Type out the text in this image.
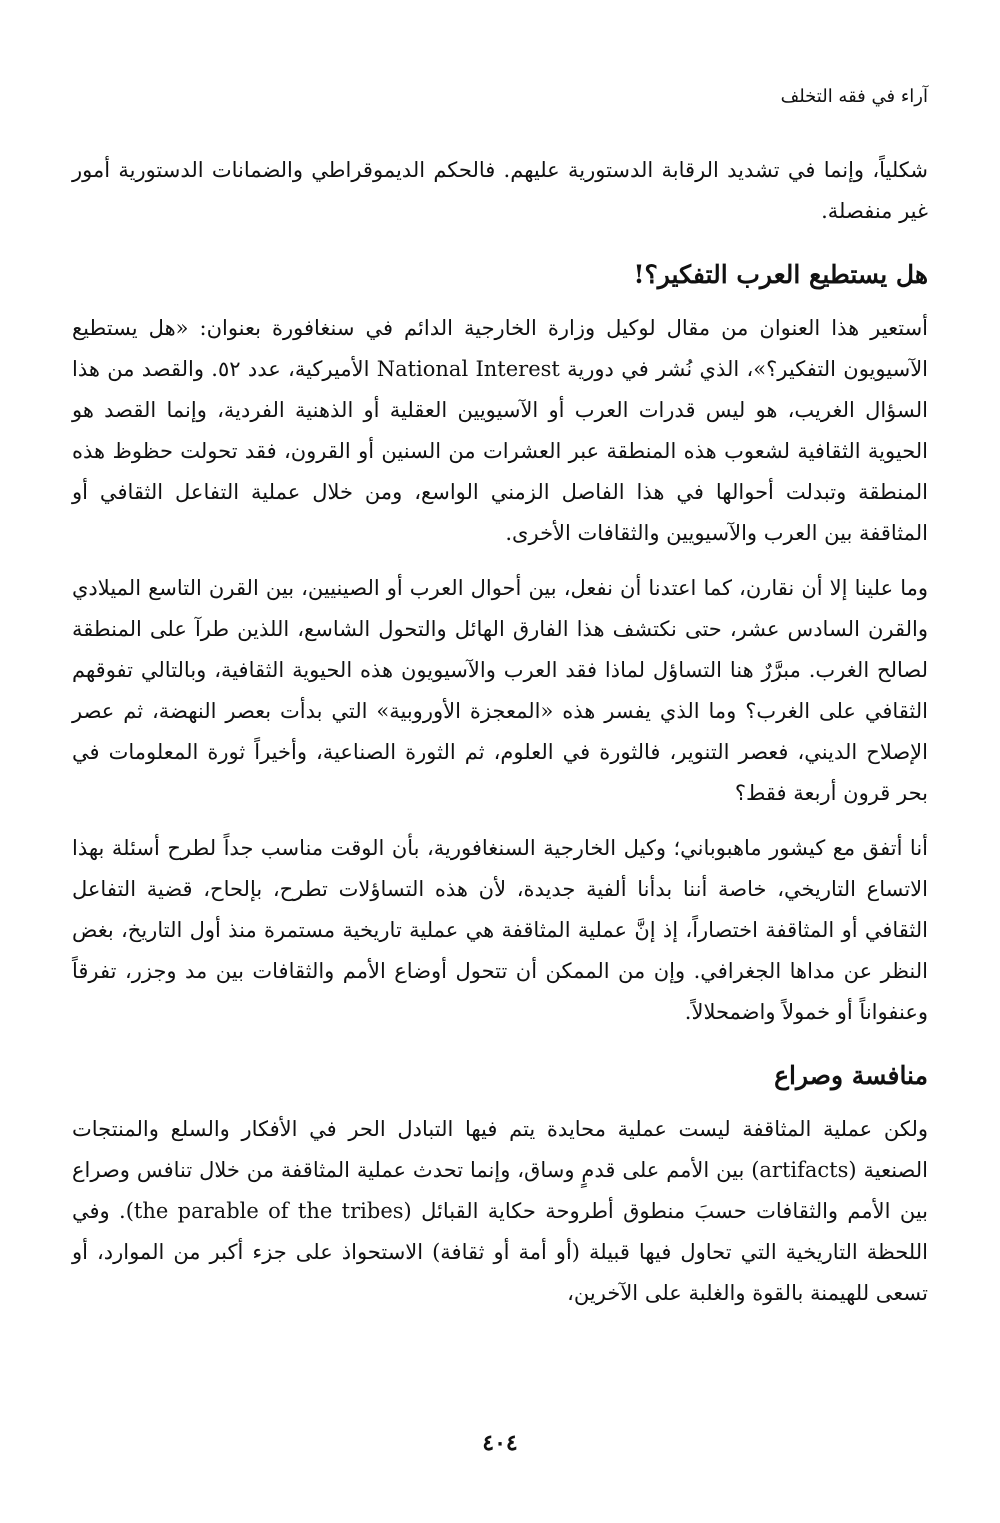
آراء في فقه التخلف

شكلياً، وإنما في تشديد الرقابة الدستورية عليهم. فالحكم الديموقراطي والضمانات الدستورية أمور غير منفصلة.

هل يستطيع العرب التفكير؟!

أستعير هذا العنوان من مقال لوكيل وزارة الخارجية الدائم في سنغافورة بعنوان: «هل يستطيع الآسيويون التفكير؟»، الذي نُشر في دورية National Interest الأميركية، عدد ٥٢. والقصد من هذا السؤال الغريب، هو ليس قدرات العرب أو الآسيويين العقلية أو الذهنية الفردية، وإنما القصد هو الحيوية الثقافية لشعوب هذه المنطقة عبر العشرات من السنين أو القرون، فقد تحولت حظوظ هذه المنطقة وتبدلت أحوالها في هذا الفاصل الزمني الواسع، ومن خلال عملية التفاعل الثقافي أو المثاقفة بين العرب والآسيويين والثقافات الأخرى.

وما علينا إلا أن نقارن، كما اعتدنا أن نفعل، بين أحوال العرب أو الصينيين، بين القرن التاسع الميلادي والقرن السادس عشر، حتى نكتشف هذا الفارق الهائل والتحول الشاسع، اللذين طرآ على المنطقة لصالح الغرب. مبرَّرٌ هنا التساؤل لماذا فقد العرب والآسيويون هذه الحيوية الثقافية، وبالتالي تفوقهم الثقافي على الغرب؟ وما الذي يفسر هذه «المعجزة الأوروبية» التي بدأت بعصر النهضة، ثم عصر الإصلاح الديني، فعصر التنوير، فالثورة في العلوم، ثم الثورة الصناعية، وأخيراً ثورة المعلومات في بحر قرون أربعة فقط؟

أنا أتفق مع كيشور ماهبوباني؛ وكيل الخارجية السنغافورية، بأن الوقت مناسب جداً لطرح أسئلة بهذا الاتساع التاريخي، خاصة أننا بدأنا ألفية جديدة، لأن هذه التساؤلات تطرح، بإلحاح، قضية التفاعل الثقافي أو المثاقفة اختصاراً، إذ إنَّ عملية المثاقفة هي عملية تاريخية مستمرة منذ أول التاريخ، بغض النظر عن مداها الجغرافي. وإن من الممكن أن تتحول أوضاع الأمم والثقافات بين مد وجزر، تفرقاً وعنفواناً أو خمولاً واضمحلالاً.

منافسة وصراع

ولكن عملية المثاقفة ليست عملية محايدة يتم فيها التبادل الحر في الأفكار والسلع والمنتجات الصنعية (artifacts) بين الأمم على قدمٍ وساق، وإنما تحدث عملية المثاقفة من خلال تنافس وصراع بين الأمم والثقافات حسبَ منطوق أطروحة حكاية القبائل (the parable of the tribes). وفي اللحظة التاريخية التي تحاول فيها قبيلة (أو أمة أو ثقافة) الاستحواذ على جزء أكبر من الموارد، أو تسعى للهيمنة بالقوة والغلبة على الآخرين،

٤٠٤
